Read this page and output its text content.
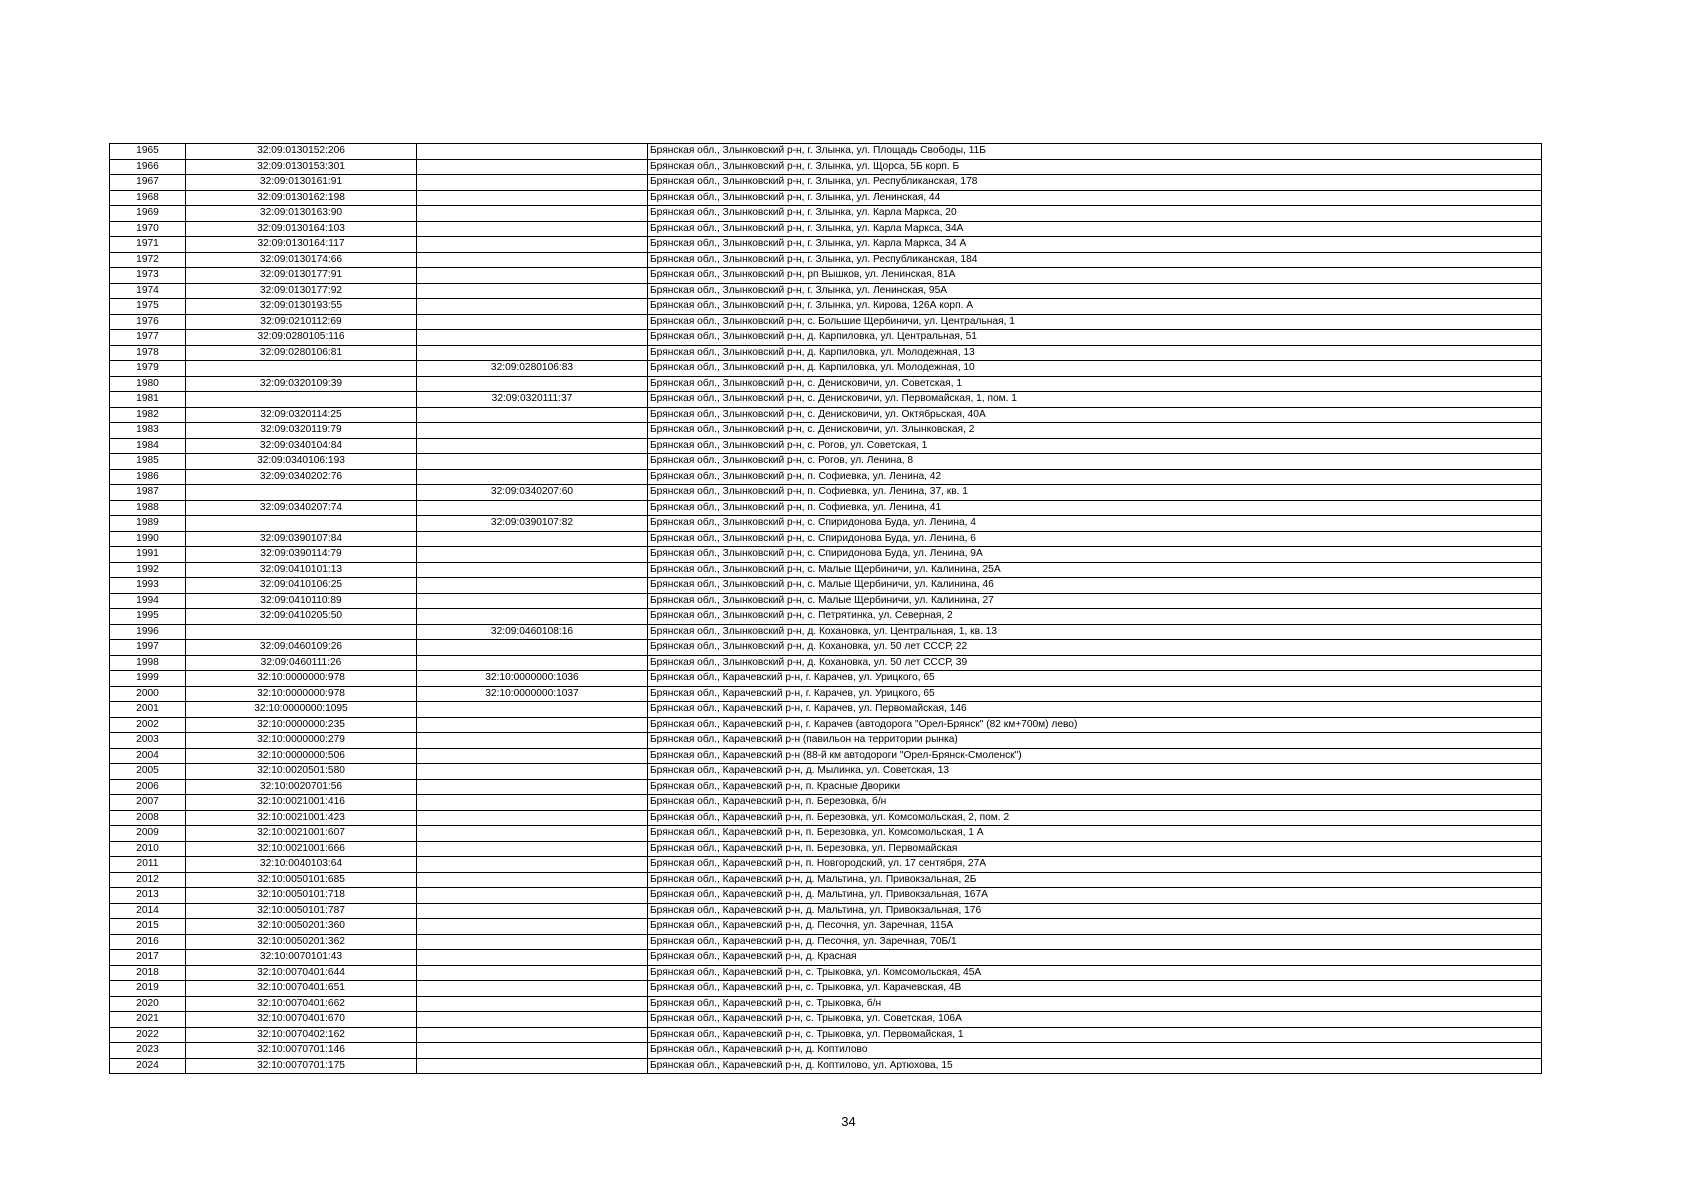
1965	32:09:0130152:206		Брянская обл., Злынковский р-н, г. Злынка, ул. Площадь Свободы, 11Б
1966	32:09:0130153:301		Брянская обл., Злынковский р-н, г. Злынка, ул. Щорса, 5Б корп. Б
1967	32:09:0130161:91		Брянская обл., Злынковский р-н, г. Злынка, ул. Республиканская, 178
1968	32:09:0130162:198		Брянская обл., Злынковский р-н, г. Злынка, ул. Ленинская, 44
1969	32:09:0130163:90		Брянская обл., Злынковский р-н, г. Злынка, ул. Карла Маркса, 20
1970	32:09:0130164:103		Брянская обл., Злынковский р-н, г. Злынка, ул. Карла Маркса, 34А
1971	32:09:0130164:117		Брянская обл., Злынковский р-н, г. Злынка, ул. Карла Маркса, 34 А
1972	32:09:0130174:66		Брянская обл., Злынковский р-н, г. Злынка, ул. Республиканская, 184
1973	32:09:0130177:91		Брянская обл., Злынковский р-н, рп Вышков, ул. Ленинская, 81А
1974	32:09:0130177:92		Брянская обл., Злынковский р-н, г. Злынка, ул. Ленинская, 95А
1975	32:09:0130193:55		Брянская обл., Злынковский р-н, г. Злынка, ул. Кирова, 126А корп. А
1976	32:09:0210112:69		Брянская обл., Злынковский р-н, с. Большие Щербиничи, ул. Центральная, 1
1977	32:09:0280105:116		Брянская обл., Злынковский р-н, д. Карпиловка, ул. Центральная, 51
1978	32:09:0280106:81		Брянская обл., Злынковский р-н, д. Карпиловка, ул. Молодежная, 13
1979		32:09:0280106:83	Брянская обл., Злынковский р-н, д. Карпиловка, ул. Молодежная, 10
1980	32:09:0320109:39		Брянская обл., Злынковский р-н, с. Денисковичи, ул. Советская, 1
1981		32:09:0320111:37	Брянская обл., Злынковский р-н, с. Денисковичи, ул. Первомайская, 1, пом. 1
1982	32:09:0320114:25		Брянская обл., Злынковский р-н, с. Денисковичи, ул. Октябрьская, 40А
1983	32:09:0320119:79		Брянская обл., Злынковский р-н, с. Денисковичи, ул. Злынковская, 2
1984	32:09:0340104:84		Брянская обл., Злынковский р-н, с. Рогов, ул. Советская, 1
1985	32:09:0340106:193		Брянская обл., Злынковский р-н, с. Рогов, ул. Ленина, 8
1986	32:09:0340202:76		Брянская обл., Злынковский р-н, п. Софиевка, ул. Ленина, 42
1987		32:09:0340207:60	Брянская обл., Злынковский р-н, п. Софиевка, ул. Ленина, 37, кв. 1
1988	32:09:0340207:74		Брянская обл., Злынковский р-н, п. Софиевка, ул. Ленина, 41
1989		32:09:0390107:82	Брянская обл., Злынковский р-н, с. Спиридонова Буда, ул. Ленина, 4
1990	32:09:0390107:84		Брянская обл., Злынковский р-н, с. Спиридонова Буда, ул. Ленина, 6
1991	32:09:0390114:79		Брянская обл., Злынковский р-н, с. Спиридонова Буда, ул. Ленина, 9А
1992	32:09:0410101:13		Брянская обл., Злынковский р-н, с. Малые Щербиничи, ул. Калинина, 25А
1993	32:09:0410106:25		Брянская обл., Злынковский р-н, с. Малые Щербиничи, ул. Калинина, 46
1994	32:09:0410110:89		Брянская обл., Злынковский р-н, с. Малые Щербиничи, ул. Калинина, 27
1995	32:09:0410205:50		Брянская обл., Злынковский р-н, с. Петрятинка, ул. Северная, 2
1996		32:09:0460108:16	Брянская обл., Злынковский р-н, д. Кохановка, ул. Центральная, 1, кв. 13
1997	32:09:0460109:26		Брянская обл., Злынковский р-н, д. Кохановка, ул. 50 лет СССР, 22
1998	32:09:0460111:26		Брянская обл., Злынковский р-н, д. Кохановка, ул. 50 лет СССР, 39
1999	32:10:0000000:978	32:10:0000000:1036	Брянская обл., Карачевский р-н, г. Карачев, ул. Урицкого, 65
2000	32:10:0000000:978	32:10:0000000:1037	Брянская обл., Карачевский р-н, г. Карачев, ул. Урицкого, 65
2001	32:10:0000000:1095		Брянская обл., Карачевский р-н, г. Карачев, ул. Первомайская, 146
2002	32:10:0000000:235		Брянская обл., Карачевский р-н, г. Карачев (автодорога "Орел-Брянск" (82 км+700м) лево)
2003	32:10:0000000:279		Брянская обл., Карачевский р-н (павильон на территории рынка)
2004	32:10:0000000:506		Брянская обл., Карачевский р-н (88-й км автодороги "Орел-Брянск-Смоленск")
2005	32:10:0020501:580		Брянская обл., Карачевский р-н, д. Мылинка, ул. Советская, 13
2006	32:10:0020701:56		Брянская обл., Карачевский р-н, п. Красные Дворики
2007	32:10:0021001:416		Брянская обл., Карачевский р-н, п. Березовка, б/н
2008	32:10:0021001:423		Брянская обл., Карачевский р-н, п. Березовка, ул. Комсомольская, 2, пом. 2
2009	32:10:0021001:607		Брянская обл., Карачевский р-н, п. Березовка, ул. Комсомольская, 1 А
2010	32:10:0021001:666		Брянская обл., Карачевский р-н, п. Березовка, ул. Первомайская
2011	32:10:0040103:64		Брянская обл., Карачевский р-н, п. Новгородский, ул. 17 сентября, 27А
2012	32:10:0050101:685		Брянская обл., Карачевский р-н, д. Мальтина, ул. Привокзальная, 2Б
2013	32:10:0050101:718		Брянская обл., Карачевский р-н, д. Мальтина, ул. Привокзальная, 167А
2014	32:10:0050101:787		Брянская обл., Карачевский р-н, д. Мальтина, ул. Привокзальная, 176
2015	32:10:0050201:360		Брянская обл., Карачевский р-н, д. Песочня, ул. Заречная, 115А
2016	32:10:0050201:362		Брянская обл., Карачевский р-н, д. Песочня, ул. Заречная, 70Б/1
2017	32:10:0070101:43		Брянская обл., Карачевский р-н, д. Красная
2018	32:10:0070401:644		Брянская обл., Карачевский р-н, с. Трыковка, ул. Комсомольская, 45А
2019	32:10:0070401:651		Брянская обл., Карачевский р-н, с. Трыковка, ул. Карачевская, 4В
2020	32:10:0070401:662		Брянская обл., Карачевский р-н, с. Трыковка, б/н
2021	32:10:0070401:670		Брянская обл., Карачевский р-н, с. Трыковка, ул. Советская, 106А
2022	32:10:0070402:162		Брянская обл., Карачевский р-н, с. Трыковка, ул. Первомайская, 1
2023	32:10:0070701:146		Брянская обл., Карачевский р-н, д. Коптилово
2024	32:10:0070701:175		Брянская обл., Карачевский р-н, д. Коптилово, ул. Артюхова, 15
34
